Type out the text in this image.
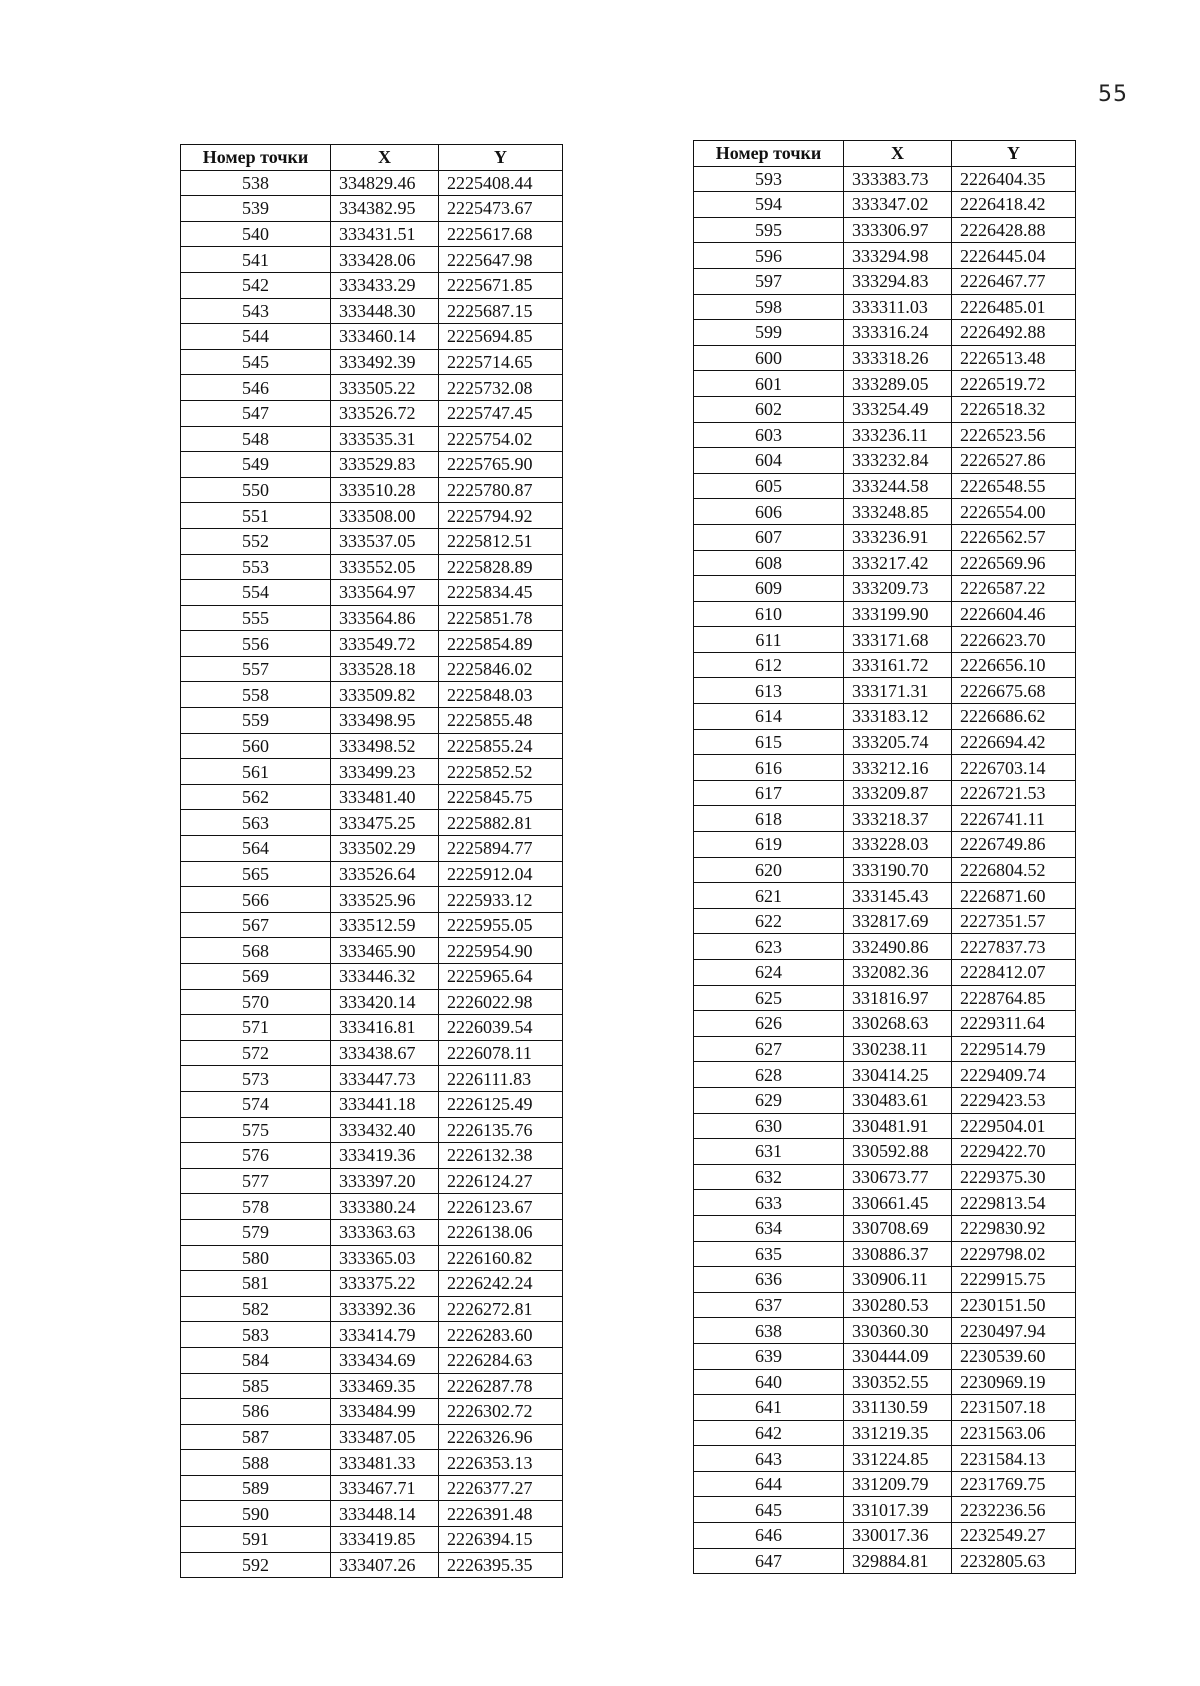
55
Номер точки	X	Y
538	334829.46	2225408.44
539	334382.95	2225473.67
540	333431.51	2225617.68
541	333428.06	2225647.98
542	333433.29	2225671.85
543	333448.30	2225687.15
544	333460.14	2225694.85
545	333492.39	2225714.65
546	333505.22	2225732.08
547	333526.72	2225747.45
548	333535.31	2225754.02
549	333529.83	2225765.90
550	333510.28	2225780.87
551	333508.00	2225794.92
552	333537.05	2225812.51
553	333552.05	2225828.89
554	333564.97	2225834.45
555	333564.86	2225851.78
556	333549.72	2225854.89
557	333528.18	2225846.02
558	333509.82	2225848.03
559	333498.95	2225855.48
560	333498.52	2225855.24
561	333499.23	2225852.52
562	333481.40	2225845.75
563	333475.25	2225882.81
564	333502.29	2225894.77
565	333526.64	2225912.04
566	333525.96	2225933.12
567	333512.59	2225955.05
568	333465.90	2225954.90
569	333446.32	2225965.64
570	333420.14	2226022.98
571	333416.81	2226039.54
572	333438.67	2226078.11
573	333447.73	2226111.83
574	333441.18	2226125.49
575	333432.40	2226135.76
576	333419.36	2226132.38
577	333397.20	2226124.27
578	333380.24	2226123.67
579	333363.63	2226138.06
580	333365.03	2226160.82
581	333375.22	2226242.24
582	333392.36	2226272.81
583	333414.79	2226283.60
584	333434.69	2226284.63
585	333469.35	2226287.78
586	333484.99	2226302.72
587	333487.05	2226326.96
588	333481.33	2226353.13
589	333467.71	2226377.27
590	333448.14	2226391.48
591	333419.85	2226394.15
592	333407.26	2226395.35
Номер точки	X	Y
593	333383.73	2226404.35
594	333347.02	2226418.42
595	333306.97	2226428.88
596	333294.98	2226445.04
597	333294.83	2226467.77
598	333311.03	2226485.01
599	333316.24	2226492.88
600	333318.26	2226513.48
601	333289.05	2226519.72
602	333254.49	2226518.32
603	333236.11	2226523.56
604	333232.84	2226527.86
605	333244.58	2226548.55
606	333248.85	2226554.00
607	333236.91	2226562.57
608	333217.42	2226569.96
609	333209.73	2226587.22
610	333199.90	2226604.46
611	333171.68	2226623.70
612	333161.72	2226656.10
613	333171.31	2226675.68
614	333183.12	2226686.62
615	333205.74	2226694.42
616	333212.16	2226703.14
617	333209.87	2226721.53
618	333218.37	2226741.11
619	333228.03	2226749.86
620	333190.70	2226804.52
621	333145.43	2226871.60
622	332817.69	2227351.57
623	332490.86	2227837.73
624	332082.36	2228412.07
625	331816.97	2228764.85
626	330268.63	2229311.64
627	330238.11	2229514.79
628	330414.25	2229409.74
629	330483.61	2229423.53
630	330481.91	2229504.01
631	330592.88	2229422.70
632	330673.77	2229375.30
633	330661.45	2229813.54
634	330708.69	2229830.92
635	330886.37	2229798.02
636	330906.11	2229915.75
637	330280.53	2230151.50
638	330360.30	2230497.94
639	330444.09	2230539.60
640	330352.55	2230969.19
641	331130.59	2231507.18
642	331219.35	2231563.06
643	331224.85	2231584.13
644	331209.79	2231769.75
645	331017.39	2232236.56
646	330017.36	2232549.27
647	329884.81	2232805.63
